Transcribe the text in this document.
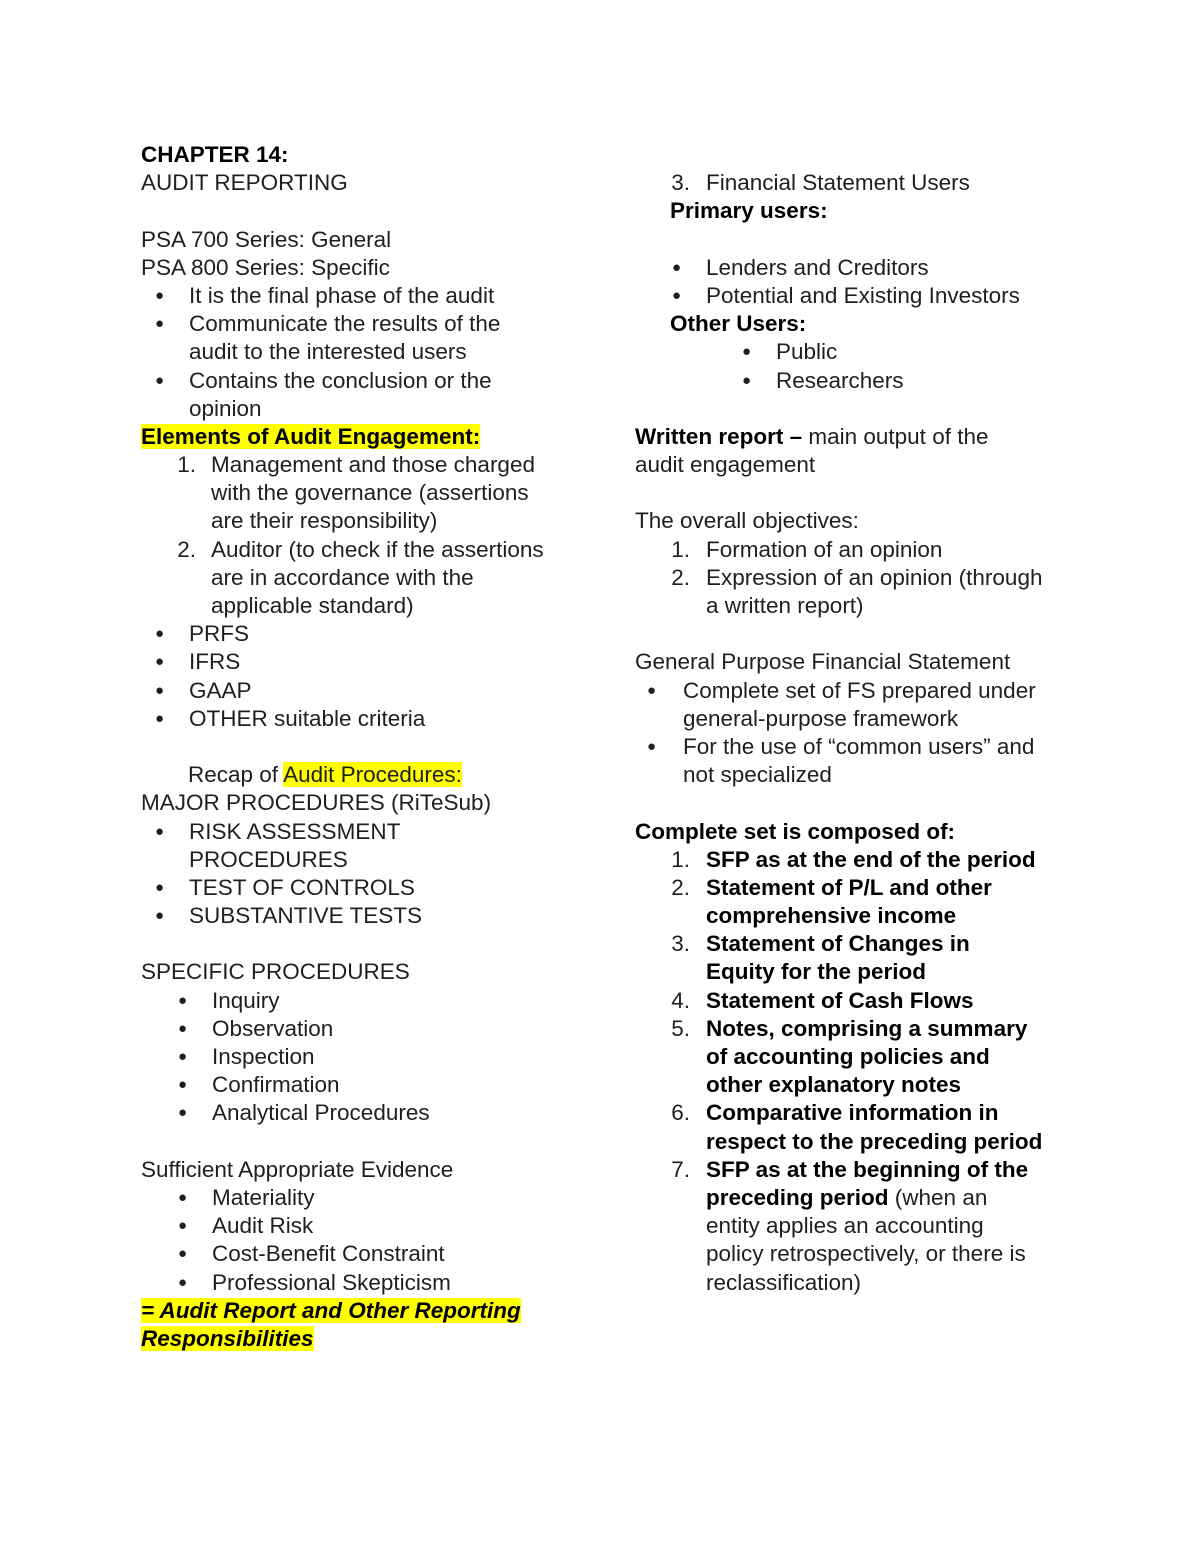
CHAPTER 14:
AUDIT REPORTING
PSA 700 Series: General
PSA 800 Series: Specific
● It is the final phase of the audit
● Communicate the results of the
audit to the interested users
● Contains the conclusion or the
opinion
Elements of Audit Engagement:
1. Management and those charged
with the governance (assertions
are their responsibility)
2. Auditor (to check if the assertions
are in accordance with the
applicable standard)
● PRFS
● IFRS
● GAAP
● OTHER suitable criteria
Recap of Audit Procedures:
MAJOR PROCEDURES (RiTeSub)
● RISK ASSESSMENT
PROCEDURES
● TEST OF CONTROLS
● SUBSTANTIVE TESTS
SPECIFIC PROCEDURES
● Inquiry
● Observation
● Inspection
● Confirmation
● Analytical Procedures
Sufficient Appropriate Evidence
● Materiality
● Audit Risk
● Cost-Benefit Constraint
● Professional Skepticism
= Audit Report and Other Reporting
Responsibilities
3. Financial Statement Users
Primary users:
● Lenders and Creditors
● Potential and Existing Investors
Other Users:
● Public
● Researchers
Written report – main output of the
audit engagement
The overall objectives:
1. Formation of an opinion
2. Expression of an opinion (through
a written report)
General Purpose Financial Statement
● Complete set of FS prepared under
general-purpose framework
● For the use of “common users” and
not specialized
Complete set is composed of:
1. SFP as at the end of the period
2. Statement of P/L and other
comprehensive income
3. Statement of Changes in
Equity for the period
4. Statement of Cash Flows
5. Notes, comprising a summary
of accounting policies and
other explanatory notes
6. Comparative information in
respect to the preceding period
7. SFP as at the beginning of the
preceding period (when an
entity applies an accounting
policy retrospectively, or there is
reclassification)
